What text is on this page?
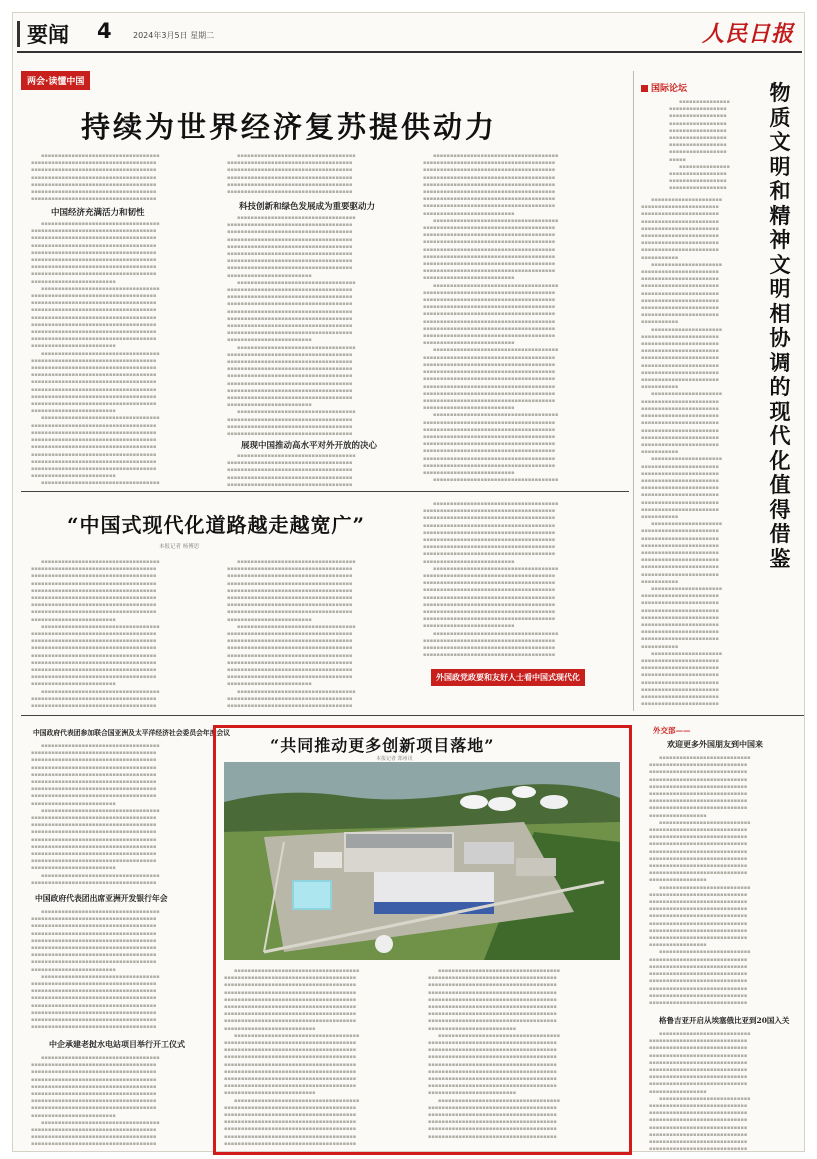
要闻 4	2024年3月5日 星期二	人民日报
两会·读懂中国
持续为世界经济复苏提供动力
　　▪▪▪▪▪▪▪▪▪▪▪▪▪▪▪▪▪▪▪▪▪▪▪▪▪▪▪▪▪▪▪▪▪▪▪
▪▪▪▪▪▪▪▪▪▪▪▪▪▪▪▪▪▪▪▪▪▪▪▪▪▪▪▪▪▪▪▪▪▪▪▪▪
▪▪▪▪▪▪▪▪▪▪▪▪▪▪▪▪▪▪▪▪▪▪▪▪▪▪▪▪▪▪▪▪▪▪▪▪▪
▪▪▪▪▪▪▪▪▪▪▪▪▪▪▪▪▪▪▪▪▪▪▪▪▪▪▪▪▪▪▪▪▪▪▪▪▪
▪▪▪▪▪▪▪▪▪▪▪▪▪▪▪▪▪▪▪▪▪▪▪▪▪▪▪▪▪▪▪▪▪▪▪▪▪
▪▪▪▪▪▪▪▪▪▪▪▪▪▪▪▪▪▪▪▪▪▪▪▪▪▪▪▪▪▪▪▪▪▪▪▪▪
▪▪▪▪▪▪▪▪▪▪▪▪▪▪▪▪▪▪▪▪▪▪▪▪▪▪▪▪▪▪▪▪▪▪▪▪▪

中国经济充满活力和韧性
　　▪▪▪▪▪▪▪▪▪▪▪▪▪▪▪▪▪▪▪▪▪▪▪▪▪▪▪▪▪▪▪▪▪▪▪
▪▪▪▪▪▪▪▪▪▪▪▪▪▪▪▪▪▪▪▪▪▪▪▪▪▪▪▪▪▪▪▪▪▪▪▪▪
▪▪▪▪▪▪▪▪▪▪▪▪▪▪▪▪▪▪▪▪▪▪▪▪▪▪▪▪▪▪▪▪▪▪▪▪▪
▪▪▪▪▪▪▪▪▪▪▪▪▪▪▪▪▪▪▪▪▪▪▪▪▪▪▪▪▪▪▪▪▪▪▪▪▪
▪▪▪▪▪▪▪▪▪▪▪▪▪▪▪▪▪▪▪▪▪▪▪▪▪▪▪▪▪▪▪▪▪▪▪▪▪
▪▪▪▪▪▪▪▪▪▪▪▪▪▪▪▪▪▪▪▪▪▪▪▪▪▪▪▪▪▪▪▪▪▪▪▪▪
▪▪▪▪▪▪▪▪▪▪▪▪▪▪▪▪▪▪▪▪▪▪▪▪▪▪▪▪▪▪▪▪▪▪▪▪▪
▪▪▪▪▪▪▪▪▪▪▪▪▪▪▪▪▪▪▪▪▪▪▪▪▪▪▪▪▪▪▪▪▪▪▪▪▪
▪▪▪▪▪▪▪▪▪▪▪▪▪▪▪▪▪▪▪▪▪▪▪▪▪
　　▪▪▪▪▪▪▪▪▪▪▪▪▪▪▪▪▪▪▪▪▪▪▪▪▪▪▪▪▪▪▪▪▪▪▪
▪▪▪▪▪▪▪▪▪▪▪▪▪▪▪▪▪▪▪▪▪▪▪▪▪▪▪▪▪▪▪▪▪▪▪▪▪
▪▪▪▪▪▪▪▪▪▪▪▪▪▪▪▪▪▪▪▪▪▪▪▪▪▪▪▪▪▪▪▪▪▪▪▪▪
▪▪▪▪▪▪▪▪▪▪▪▪▪▪▪▪▪▪▪▪▪▪▪▪▪▪▪▪▪▪▪▪▪▪▪▪▪
▪▪▪▪▪▪▪▪▪▪▪▪▪▪▪▪▪▪▪▪▪▪▪▪▪▪▪▪▪▪▪▪▪▪▪▪▪
▪▪▪▪▪▪▪▪▪▪▪▪▪▪▪▪▪▪▪▪▪▪▪▪▪▪▪▪▪▪▪▪▪▪▪▪▪
▪▪▪▪▪▪▪▪▪▪▪▪▪▪▪▪▪▪▪▪▪▪▪▪▪▪▪▪▪▪▪▪▪▪▪▪▪
▪▪▪▪▪▪▪▪▪▪▪▪▪▪▪▪▪▪▪▪▪▪▪▪▪▪▪▪▪▪▪▪▪▪▪▪▪
▪▪▪▪▪▪▪▪▪▪▪▪▪▪▪▪▪▪▪▪▪▪▪▪▪
　　▪▪▪▪▪▪▪▪▪▪▪▪▪▪▪▪▪▪▪▪▪▪▪▪▪▪▪▪▪▪▪▪▪▪▪
▪▪▪▪▪▪▪▪▪▪▪▪▪▪▪▪▪▪▪▪▪▪▪▪▪▪▪▪▪▪▪▪▪▪▪▪▪
▪▪▪▪▪▪▪▪▪▪▪▪▪▪▪▪▪▪▪▪▪▪▪▪▪▪▪▪▪▪▪▪▪▪▪▪▪
▪▪▪▪▪▪▪▪▪▪▪▪▪▪▪▪▪▪▪▪▪▪▪▪▪▪▪▪▪▪▪▪▪▪▪▪▪
▪▪▪▪▪▪▪▪▪▪▪▪▪▪▪▪▪▪▪▪▪▪▪▪▪▪▪▪▪▪▪▪▪▪▪▪▪
▪▪▪▪▪▪▪▪▪▪▪▪▪▪▪▪▪▪▪▪▪▪▪▪▪▪▪▪▪▪▪▪▪▪▪▪▪
▪▪▪▪▪▪▪▪▪▪▪▪▪▪▪▪▪▪▪▪▪▪▪▪▪▪▪▪▪▪▪▪▪▪▪▪▪
▪▪▪▪▪▪▪▪▪▪▪▪▪▪▪▪▪▪▪▪▪▪▪▪▪▪▪▪▪▪▪▪▪▪▪▪▪
▪▪▪▪▪▪▪▪▪▪▪▪▪▪▪▪▪▪▪▪▪▪▪▪▪
　　▪▪▪▪▪▪▪▪▪▪▪▪▪▪▪▪▪▪▪▪▪▪▪▪▪▪▪▪▪▪▪▪▪▪▪
▪▪▪▪▪▪▪▪▪▪▪▪▪▪▪▪▪▪▪▪▪▪▪▪▪▪▪▪▪▪▪▪▪▪▪▪▪
▪▪▪▪▪▪▪▪▪▪▪▪▪▪▪▪▪▪▪▪▪▪▪▪▪▪▪▪▪▪▪▪▪▪▪▪▪
▪▪▪▪▪▪▪▪▪▪▪▪▪▪▪▪▪▪▪▪▪▪▪▪▪▪▪▪▪▪▪▪▪▪▪▪▪
▪▪▪▪▪▪▪▪▪▪▪▪▪▪▪▪▪▪▪▪▪▪▪▪▪▪▪▪▪▪▪▪▪▪▪▪▪
▪▪▪▪▪▪▪▪▪▪▪▪▪▪▪▪▪▪▪▪▪▪▪▪▪▪▪▪▪▪▪▪▪▪▪▪▪
▪▪▪▪▪▪▪▪▪▪▪▪▪▪▪▪▪▪▪▪▪▪▪▪▪▪▪▪▪▪▪▪▪▪▪▪▪
▪▪▪▪▪▪▪▪▪▪▪▪▪▪▪▪▪▪▪▪▪▪▪▪▪▪▪▪▪▪▪▪▪▪▪▪▪
▪▪▪▪▪▪▪▪▪▪▪▪▪▪▪▪▪▪▪▪▪▪▪▪▪
　　▪▪▪▪▪▪▪▪▪▪▪▪▪▪▪▪▪▪▪▪▪▪▪▪▪▪▪▪▪▪▪▪▪▪▪

　　▪▪▪▪▪▪▪▪▪▪▪▪▪▪▪▪▪▪▪▪▪▪▪▪▪▪▪▪▪▪▪▪▪▪▪
▪▪▪▪▪▪▪▪▪▪▪▪▪▪▪▪▪▪▪▪▪▪▪▪▪▪▪▪▪▪▪▪▪▪▪▪▪
▪▪▪▪▪▪▪▪▪▪▪▪▪▪▪▪▪▪▪▪▪▪▪▪▪▪▪▪▪▪▪▪▪▪▪▪▪
▪▪▪▪▪▪▪▪▪▪▪▪▪▪▪▪▪▪▪▪▪▪▪▪▪▪▪▪▪▪▪▪▪▪▪▪▪
▪▪▪▪▪▪▪▪▪▪▪▪▪▪▪▪▪▪▪▪▪▪▪▪▪▪▪▪▪▪▪▪▪▪▪▪▪
▪▪▪▪▪▪▪▪▪▪▪▪▪▪▪▪▪▪▪▪▪▪▪▪▪▪▪▪▪▪▪▪▪▪▪▪▪

科技创新和绿色发展成为重要驱动力
　　▪▪▪▪▪▪▪▪▪▪▪▪▪▪▪▪▪▪▪▪▪▪▪▪▪▪▪▪▪▪▪▪▪▪▪
▪▪▪▪▪▪▪▪▪▪▪▪▪▪▪▪▪▪▪▪▪▪▪▪▪▪▪▪▪▪▪▪▪▪▪▪▪
▪▪▪▪▪▪▪▪▪▪▪▪▪▪▪▪▪▪▪▪▪▪▪▪▪▪▪▪▪▪▪▪▪▪▪▪▪
▪▪▪▪▪▪▪▪▪▪▪▪▪▪▪▪▪▪▪▪▪▪▪▪▪▪▪▪▪▪▪▪▪▪▪▪▪
▪▪▪▪▪▪▪▪▪▪▪▪▪▪▪▪▪▪▪▪▪▪▪▪▪▪▪▪▪▪▪▪▪▪▪▪▪
▪▪▪▪▪▪▪▪▪▪▪▪▪▪▪▪▪▪▪▪▪▪▪▪▪▪▪▪▪▪▪▪▪▪▪▪▪
▪▪▪▪▪▪▪▪▪▪▪▪▪▪▪▪▪▪▪▪▪▪▪▪▪▪▪▪▪▪▪▪▪▪▪▪▪
▪▪▪▪▪▪▪▪▪▪▪▪▪▪▪▪▪▪▪▪▪▪▪▪▪▪▪▪▪▪▪▪▪▪▪▪▪
▪▪▪▪▪▪▪▪▪▪▪▪▪▪▪▪▪▪▪▪▪▪▪▪▪
　　▪▪▪▪▪▪▪▪▪▪▪▪▪▪▪▪▪▪▪▪▪▪▪▪▪▪▪▪▪▪▪▪▪▪▪
▪▪▪▪▪▪▪▪▪▪▪▪▪▪▪▪▪▪▪▪▪▪▪▪▪▪▪▪▪▪▪▪▪▪▪▪▪
▪▪▪▪▪▪▪▪▪▪▪▪▪▪▪▪▪▪▪▪▪▪▪▪▪▪▪▪▪▪▪▪▪▪▪▪▪
▪▪▪▪▪▪▪▪▪▪▪▪▪▪▪▪▪▪▪▪▪▪▪▪▪▪▪▪▪▪▪▪▪▪▪▪▪
▪▪▪▪▪▪▪▪▪▪▪▪▪▪▪▪▪▪▪▪▪▪▪▪▪▪▪▪▪▪▪▪▪▪▪▪▪
▪▪▪▪▪▪▪▪▪▪▪▪▪▪▪▪▪▪▪▪▪▪▪▪▪▪▪▪▪▪▪▪▪▪▪▪▪
▪▪▪▪▪▪▪▪▪▪▪▪▪▪▪▪▪▪▪▪▪▪▪▪▪▪▪▪▪▪▪▪▪▪▪▪▪
▪▪▪▪▪▪▪▪▪▪▪▪▪▪▪▪▪▪▪▪▪▪▪▪▪▪▪▪▪▪▪▪▪▪▪▪▪
▪▪▪▪▪▪▪▪▪▪▪▪▪▪▪▪▪▪▪▪▪▪▪▪▪
　　▪▪▪▪▪▪▪▪▪▪▪▪▪▪▪▪▪▪▪▪▪▪▪▪▪▪▪▪▪▪▪▪▪▪▪
▪▪▪▪▪▪▪▪▪▪▪▪▪▪▪▪▪▪▪▪▪▪▪▪▪▪▪▪▪▪▪▪▪▪▪▪▪
▪▪▪▪▪▪▪▪▪▪▪▪▪▪▪▪▪▪▪▪▪▪▪▪▪▪▪▪▪▪▪▪▪▪▪▪▪
▪▪▪▪▪▪▪▪▪▪▪▪▪▪▪▪▪▪▪▪▪▪▪▪▪▪▪▪▪▪▪▪▪▪▪▪▪
▪▪▪▪▪▪▪▪▪▪▪▪▪▪▪▪▪▪▪▪▪▪▪▪▪▪▪▪▪▪▪▪▪▪▪▪▪
▪▪▪▪▪▪▪▪▪▪▪▪▪▪▪▪▪▪▪▪▪▪▪▪▪▪▪▪▪▪▪▪▪▪▪▪▪
▪▪▪▪▪▪▪▪▪▪▪▪▪▪▪▪▪▪▪▪▪▪▪▪▪▪▪▪▪▪▪▪▪▪▪▪▪
▪▪▪▪▪▪▪▪▪▪▪▪▪▪▪▪▪▪▪▪▪▪▪▪▪▪▪▪▪▪▪▪▪▪▪▪▪
▪▪▪▪▪▪▪▪▪▪▪▪▪▪▪▪▪▪▪▪▪▪▪▪▪
　　▪▪▪▪▪▪▪▪▪▪▪▪▪▪▪▪▪▪▪▪▪▪▪▪▪▪▪▪▪▪▪▪▪▪▪
▪▪▪▪▪▪▪▪▪▪▪▪▪▪▪▪▪▪▪▪▪▪▪▪▪▪▪▪▪▪▪▪▪▪▪▪▪
▪▪▪▪▪▪▪▪▪▪▪▪▪▪▪▪▪▪▪▪▪▪▪▪▪▪▪▪▪▪▪▪▪▪▪▪▪
▪▪▪▪▪▪▪▪▪▪▪▪▪▪▪▪▪▪▪▪▪▪▪▪▪▪▪▪▪▪▪▪▪▪▪▪▪

展现中国推动高水平对外开放的决心
　　▪▪▪▪▪▪▪▪▪▪▪▪▪▪▪▪▪▪▪▪▪▪▪▪▪▪▪▪▪▪▪▪▪▪▪
▪▪▪▪▪▪▪▪▪▪▪▪▪▪▪▪▪▪▪▪▪▪▪▪▪▪▪▪▪▪▪▪▪▪▪▪▪
▪▪▪▪▪▪▪▪▪▪▪▪▪▪▪▪▪▪▪▪▪▪▪▪▪▪▪▪▪▪▪▪▪▪▪▪▪
▪▪▪▪▪▪▪▪▪▪▪▪▪▪▪▪▪▪▪▪▪▪▪▪▪▪▪▪▪▪▪▪▪▪▪▪▪
▪▪▪▪▪▪▪▪▪▪▪▪▪▪▪▪▪▪▪▪▪▪▪▪▪▪▪▪▪▪▪▪▪▪▪▪▪

　　▪▪▪▪▪▪▪▪▪▪▪▪▪▪▪▪▪▪▪▪▪▪▪▪▪▪▪▪▪▪▪▪▪▪▪▪▪
▪▪▪▪▪▪▪▪▪▪▪▪▪▪▪▪▪▪▪▪▪▪▪▪▪▪▪▪▪▪▪▪▪▪▪▪▪▪▪
▪▪▪▪▪▪▪▪▪▪▪▪▪▪▪▪▪▪▪▪▪▪▪▪▪▪▪▪▪▪▪▪▪▪▪▪▪▪▪
▪▪▪▪▪▪▪▪▪▪▪▪▪▪▪▪▪▪▪▪▪▪▪▪▪▪▪▪▪▪▪▪▪▪▪▪▪▪▪
▪▪▪▪▪▪▪▪▪▪▪▪▪▪▪▪▪▪▪▪▪▪▪▪▪▪▪▪▪▪▪▪▪▪▪▪▪▪▪
▪▪▪▪▪▪▪▪▪▪▪▪▪▪▪▪▪▪▪▪▪▪▪▪▪▪▪▪▪▪▪▪▪▪▪▪▪▪▪
▪▪▪▪▪▪▪▪▪▪▪▪▪▪▪▪▪▪▪▪▪▪▪▪▪▪▪▪▪▪▪▪▪▪▪▪▪▪▪
▪▪▪▪▪▪▪▪▪▪▪▪▪▪▪▪▪▪▪▪▪▪▪▪▪▪▪▪▪▪▪▪▪▪▪▪▪▪▪
▪▪▪▪▪▪▪▪▪▪▪▪▪▪▪▪▪▪▪▪▪▪▪▪▪▪▪
　　▪▪▪▪▪▪▪▪▪▪▪▪▪▪▪▪▪▪▪▪▪▪▪▪▪▪▪▪▪▪▪▪▪▪▪▪▪
▪▪▪▪▪▪▪▪▪▪▪▪▪▪▪▪▪▪▪▪▪▪▪▪▪▪▪▪▪▪▪▪▪▪▪▪▪▪▪
▪▪▪▪▪▪▪▪▪▪▪▪▪▪▪▪▪▪▪▪▪▪▪▪▪▪▪▪▪▪▪▪▪▪▪▪▪▪▪
▪▪▪▪▪▪▪▪▪▪▪▪▪▪▪▪▪▪▪▪▪▪▪▪▪▪▪▪▪▪▪▪▪▪▪▪▪▪▪
▪▪▪▪▪▪▪▪▪▪▪▪▪▪▪▪▪▪▪▪▪▪▪▪▪▪▪▪▪▪▪▪▪▪▪▪▪▪▪
▪▪▪▪▪▪▪▪▪▪▪▪▪▪▪▪▪▪▪▪▪▪▪▪▪▪▪▪▪▪▪▪▪▪▪▪▪▪▪
▪▪▪▪▪▪▪▪▪▪▪▪▪▪▪▪▪▪▪▪▪▪▪▪▪▪▪▪▪▪▪▪▪▪▪▪▪▪▪
▪▪▪▪▪▪▪▪▪▪▪▪▪▪▪▪▪▪▪▪▪▪▪▪▪▪▪▪▪▪▪▪▪▪▪▪▪▪▪
▪▪▪▪▪▪▪▪▪▪▪▪▪▪▪▪▪▪▪▪▪▪▪▪▪▪▪
　　▪▪▪▪▪▪▪▪▪▪▪▪▪▪▪▪▪▪▪▪▪▪▪▪▪▪▪▪▪▪▪▪▪▪▪▪▪
▪▪▪▪▪▪▪▪▪▪▪▪▪▪▪▪▪▪▪▪▪▪▪▪▪▪▪▪▪▪▪▪▪▪▪▪▪▪▪
▪▪▪▪▪▪▪▪▪▪▪▪▪▪▪▪▪▪▪▪▪▪▪▪▪▪▪▪▪▪▪▪▪▪▪▪▪▪▪
▪▪▪▪▪▪▪▪▪▪▪▪▪▪▪▪▪▪▪▪▪▪▪▪▪▪▪▪▪▪▪▪▪▪▪▪▪▪▪
▪▪▪▪▪▪▪▪▪▪▪▪▪▪▪▪▪▪▪▪▪▪▪▪▪▪▪▪▪▪▪▪▪▪▪▪▪▪▪
▪▪▪▪▪▪▪▪▪▪▪▪▪▪▪▪▪▪▪▪▪▪▪▪▪▪▪▪▪▪▪▪▪▪▪▪▪▪▪
▪▪▪▪▪▪▪▪▪▪▪▪▪▪▪▪▪▪▪▪▪▪▪▪▪▪▪▪▪▪▪▪▪▪▪▪▪▪▪
▪▪▪▪▪▪▪▪▪▪▪▪▪▪▪▪▪▪▪▪▪▪▪▪▪▪▪▪▪▪▪▪▪▪▪▪▪▪▪
▪▪▪▪▪▪▪▪▪▪▪▪▪▪▪▪▪▪▪▪▪▪▪▪▪▪▪
　　▪▪▪▪▪▪▪▪▪▪▪▪▪▪▪▪▪▪▪▪▪▪▪▪▪▪▪▪▪▪▪▪▪▪▪▪▪
▪▪▪▪▪▪▪▪▪▪▪▪▪▪▪▪▪▪▪▪▪▪▪▪▪▪▪▪▪▪▪▪▪▪▪▪▪▪▪
▪▪▪▪▪▪▪▪▪▪▪▪▪▪▪▪▪▪▪▪▪▪▪▪▪▪▪▪▪▪▪▪▪▪▪▪▪▪▪
▪▪▪▪▪▪▪▪▪▪▪▪▪▪▪▪▪▪▪▪▪▪▪▪▪▪▪▪▪▪▪▪▪▪▪▪▪▪▪
▪▪▪▪▪▪▪▪▪▪▪▪▪▪▪▪▪▪▪▪▪▪▪▪▪▪▪▪▪▪▪▪▪▪▪▪▪▪▪
▪▪▪▪▪▪▪▪▪▪▪▪▪▪▪▪▪▪▪▪▪▪▪▪▪▪▪▪▪▪▪▪▪▪▪▪▪▪▪
▪▪▪▪▪▪▪▪▪▪▪▪▪▪▪▪▪▪▪▪▪▪▪▪▪▪▪▪▪▪▪▪▪▪▪▪▪▪▪
▪▪▪▪▪▪▪▪▪▪▪▪▪▪▪▪▪▪▪▪▪▪▪▪▪▪▪▪▪▪▪▪▪▪▪▪▪▪▪
▪▪▪▪▪▪▪▪▪▪▪▪▪▪▪▪▪▪▪▪▪▪▪▪▪▪▪
　　▪▪▪▪▪▪▪▪▪▪▪▪▪▪▪▪▪▪▪▪▪▪▪▪▪▪▪▪▪▪▪▪▪▪▪▪▪
▪▪▪▪▪▪▪▪▪▪▪▪▪▪▪▪▪▪▪▪▪▪▪▪▪▪▪▪▪▪▪▪▪▪▪▪▪▪▪
▪▪▪▪▪▪▪▪▪▪▪▪▪▪▪▪▪▪▪▪▪▪▪▪▪▪▪▪▪▪▪▪▪▪▪▪▪▪▪
▪▪▪▪▪▪▪▪▪▪▪▪▪▪▪▪▪▪▪▪▪▪▪▪▪▪▪▪▪▪▪▪▪▪▪▪▪▪▪
▪▪▪▪▪▪▪▪▪▪▪▪▪▪▪▪▪▪▪▪▪▪▪▪▪▪▪▪▪▪▪▪▪▪▪▪▪▪▪
▪▪▪▪▪▪▪▪▪▪▪▪▪▪▪▪▪▪▪▪▪▪▪▪▪▪▪▪▪▪▪▪▪▪▪▪▪▪▪
▪▪▪▪▪▪▪▪▪▪▪▪▪▪▪▪▪▪▪▪▪▪▪▪▪▪▪▪▪▪▪▪▪▪▪▪▪▪▪
▪▪▪▪▪▪▪▪▪▪▪▪▪▪▪▪▪▪▪▪▪▪▪▪▪▪▪▪▪▪▪▪▪▪▪▪▪▪▪
▪▪▪▪▪▪▪▪▪▪▪▪▪▪▪▪▪▪▪▪▪▪▪▪▪▪▪
　　▪▪▪▪▪▪▪▪▪▪▪▪▪▪▪▪▪▪▪▪▪▪▪▪▪▪▪▪▪▪▪▪▪▪▪▪▪

国际论坛
　　▪▪▪▪▪▪▪▪▪▪▪▪▪▪▪
▪▪▪▪▪▪▪▪▪▪▪▪▪▪▪▪▪
▪▪▪▪▪▪▪▪▪▪▪▪▪▪▪▪▪
▪▪▪▪▪▪▪▪▪▪▪▪▪▪▪▪▪
▪▪▪▪▪▪▪▪▪▪▪▪▪▪▪▪▪
▪▪▪▪▪▪▪▪▪▪▪▪▪▪▪▪▪
▪▪▪▪▪▪▪▪▪▪▪▪▪▪▪▪▪
▪▪▪▪▪▪▪▪▪▪▪▪▪▪▪▪▪
▪▪▪▪▪
　　▪▪▪▪▪▪▪▪▪▪▪▪▪▪▪
▪▪▪▪▪▪▪▪▪▪▪▪▪▪▪▪▪
▪▪▪▪▪▪▪▪▪▪▪▪▪▪▪▪▪
▪▪▪▪▪▪▪▪▪▪▪▪▪▪▪▪▪

物质文明和精神文明相协调的现代化值得借鉴
　　▪▪▪▪▪▪▪▪▪▪▪▪▪▪▪▪▪▪▪▪▪
▪▪▪▪▪▪▪▪▪▪▪▪▪▪▪▪▪▪▪▪▪▪▪
▪▪▪▪▪▪▪▪▪▪▪▪▪▪▪▪▪▪▪▪▪▪▪
▪▪▪▪▪▪▪▪▪▪▪▪▪▪▪▪▪▪▪▪▪▪▪
▪▪▪▪▪▪▪▪▪▪▪▪▪▪▪▪▪▪▪▪▪▪▪
▪▪▪▪▪▪▪▪▪▪▪▪▪▪▪▪▪▪▪▪▪▪▪
▪▪▪▪▪▪▪▪▪▪▪▪▪▪▪▪▪▪▪▪▪▪▪
▪▪▪▪▪▪▪▪▪▪▪▪▪▪▪▪▪▪▪▪▪▪▪
▪▪▪▪▪▪▪▪▪▪▪
　　▪▪▪▪▪▪▪▪▪▪▪▪▪▪▪▪▪▪▪▪▪
▪▪▪▪▪▪▪▪▪▪▪▪▪▪▪▪▪▪▪▪▪▪▪
▪▪▪▪▪▪▪▪▪▪▪▪▪▪▪▪▪▪▪▪▪▪▪
▪▪▪▪▪▪▪▪▪▪▪▪▪▪▪▪▪▪▪▪▪▪▪
▪▪▪▪▪▪▪▪▪▪▪▪▪▪▪▪▪▪▪▪▪▪▪
▪▪▪▪▪▪▪▪▪▪▪▪▪▪▪▪▪▪▪▪▪▪▪
▪▪▪▪▪▪▪▪▪▪▪▪▪▪▪▪▪▪▪▪▪▪▪
▪▪▪▪▪▪▪▪▪▪▪▪▪▪▪▪▪▪▪▪▪▪▪
▪▪▪▪▪▪▪▪▪▪▪
　　▪▪▪▪▪▪▪▪▪▪▪▪▪▪▪▪▪▪▪▪▪
▪▪▪▪▪▪▪▪▪▪▪▪▪▪▪▪▪▪▪▪▪▪▪
▪▪▪▪▪▪▪▪▪▪▪▪▪▪▪▪▪▪▪▪▪▪▪
▪▪▪▪▪▪▪▪▪▪▪▪▪▪▪▪▪▪▪▪▪▪▪
▪▪▪▪▪▪▪▪▪▪▪▪▪▪▪▪▪▪▪▪▪▪▪
▪▪▪▪▪▪▪▪▪▪▪▪▪▪▪▪▪▪▪▪▪▪▪
▪▪▪▪▪▪▪▪▪▪▪▪▪▪▪▪▪▪▪▪▪▪▪
▪▪▪▪▪▪▪▪▪▪▪▪▪▪▪▪▪▪▪▪▪▪▪
▪▪▪▪▪▪▪▪▪▪▪
　　▪▪▪▪▪▪▪▪▪▪▪▪▪▪▪▪▪▪▪▪▪
▪▪▪▪▪▪▪▪▪▪▪▪▪▪▪▪▪▪▪▪▪▪▪
▪▪▪▪▪▪▪▪▪▪▪▪▪▪▪▪▪▪▪▪▪▪▪
▪▪▪▪▪▪▪▪▪▪▪▪▪▪▪▪▪▪▪▪▪▪▪
▪▪▪▪▪▪▪▪▪▪▪▪▪▪▪▪▪▪▪▪▪▪▪
▪▪▪▪▪▪▪▪▪▪▪▪▪▪▪▪▪▪▪▪▪▪▪
▪▪▪▪▪▪▪▪▪▪▪▪▪▪▪▪▪▪▪▪▪▪▪
▪▪▪▪▪▪▪▪▪▪▪▪▪▪▪▪▪▪▪▪▪▪▪
▪▪▪▪▪▪▪▪▪▪▪
　　▪▪▪▪▪▪▪▪▪▪▪▪▪▪▪▪▪▪▪▪▪
▪▪▪▪▪▪▪▪▪▪▪▪▪▪▪▪▪▪▪▪▪▪▪
▪▪▪▪▪▪▪▪▪▪▪▪▪▪▪▪▪▪▪▪▪▪▪
▪▪▪▪▪▪▪▪▪▪▪▪▪▪▪▪▪▪▪▪▪▪▪
▪▪▪▪▪▪▪▪▪▪▪▪▪▪▪▪▪▪▪▪▪▪▪
▪▪▪▪▪▪▪▪▪▪▪▪▪▪▪▪▪▪▪▪▪▪▪
▪▪▪▪▪▪▪▪▪▪▪▪▪▪▪▪▪▪▪▪▪▪▪
▪▪▪▪▪▪▪▪▪▪▪▪▪▪▪▪▪▪▪▪▪▪▪
▪▪▪▪▪▪▪▪▪▪▪
　　▪▪▪▪▪▪▪▪▪▪▪▪▪▪▪▪▪▪▪▪▪
▪▪▪▪▪▪▪▪▪▪▪▪▪▪▪▪▪▪▪▪▪▪▪
▪▪▪▪▪▪▪▪▪▪▪▪▪▪▪▪▪▪▪▪▪▪▪
▪▪▪▪▪▪▪▪▪▪▪▪▪▪▪▪▪▪▪▪▪▪▪
▪▪▪▪▪▪▪▪▪▪▪▪▪▪▪▪▪▪▪▪▪▪▪
▪▪▪▪▪▪▪▪▪▪▪▪▪▪▪▪▪▪▪▪▪▪▪
▪▪▪▪▪▪▪▪▪▪▪▪▪▪▪▪▪▪▪▪▪▪▪
▪▪▪▪▪▪▪▪▪▪▪▪▪▪▪▪▪▪▪▪▪▪▪
▪▪▪▪▪▪▪▪▪▪▪
　　▪▪▪▪▪▪▪▪▪▪▪▪▪▪▪▪▪▪▪▪▪
▪▪▪▪▪▪▪▪▪▪▪▪▪▪▪▪▪▪▪▪▪▪▪
▪▪▪▪▪▪▪▪▪▪▪▪▪▪▪▪▪▪▪▪▪▪▪
▪▪▪▪▪▪▪▪▪▪▪▪▪▪▪▪▪▪▪▪▪▪▪
▪▪▪▪▪▪▪▪▪▪▪▪▪▪▪▪▪▪▪▪▪▪▪
▪▪▪▪▪▪▪▪▪▪▪▪▪▪▪▪▪▪▪▪▪▪▪
▪▪▪▪▪▪▪▪▪▪▪▪▪▪▪▪▪▪▪▪▪▪▪
▪▪▪▪▪▪▪▪▪▪▪▪▪▪▪▪▪▪▪▪▪▪▪
▪▪▪▪▪▪▪▪▪▪▪
　　▪▪▪▪▪▪▪▪▪▪▪▪▪▪▪▪▪▪▪▪▪
▪▪▪▪▪▪▪▪▪▪▪▪▪▪▪▪▪▪▪▪▪▪▪
▪▪▪▪▪▪▪▪▪▪▪▪▪▪▪▪▪▪▪▪▪▪▪
▪▪▪▪▪▪▪▪▪▪▪▪▪▪▪▪▪▪▪▪▪▪▪
▪▪▪▪▪▪▪▪▪▪▪▪▪▪▪▪▪▪▪▪▪▪▪
▪▪▪▪▪▪▪▪▪▪▪▪▪▪▪▪▪▪▪▪▪▪▪
▪▪▪▪▪▪▪▪▪▪▪▪▪▪▪▪▪▪▪▪▪▪▪
▪▪▪▪▪▪▪▪▪▪▪▪▪▪▪▪▪▪▪▪▪▪▪

“中国式现代化道路越走越宽广”
本报记者 杨傅思
　　▪▪▪▪▪▪▪▪▪▪▪▪▪▪▪▪▪▪▪▪▪▪▪▪▪▪▪▪▪▪▪▪▪▪▪
▪▪▪▪▪▪▪▪▪▪▪▪▪▪▪▪▪▪▪▪▪▪▪▪▪▪▪▪▪▪▪▪▪▪▪▪▪
▪▪▪▪▪▪▪▪▪▪▪▪▪▪▪▪▪▪▪▪▪▪▪▪▪▪▪▪▪▪▪▪▪▪▪▪▪
▪▪▪▪▪▪▪▪▪▪▪▪▪▪▪▪▪▪▪▪▪▪▪▪▪▪▪▪▪▪▪▪▪▪▪▪▪
▪▪▪▪▪▪▪▪▪▪▪▪▪▪▪▪▪▪▪▪▪▪▪▪▪▪▪▪▪▪▪▪▪▪▪▪▪
▪▪▪▪▪▪▪▪▪▪▪▪▪▪▪▪▪▪▪▪▪▪▪▪▪▪▪▪▪▪▪▪▪▪▪▪▪
▪▪▪▪▪▪▪▪▪▪▪▪▪▪▪▪▪▪▪▪▪▪▪▪▪▪▪▪▪▪▪▪▪▪▪▪▪
▪▪▪▪▪▪▪▪▪▪▪▪▪▪▪▪▪▪▪▪▪▪▪▪▪▪▪▪▪▪▪▪▪▪▪▪▪
▪▪▪▪▪▪▪▪▪▪▪▪▪▪▪▪▪▪▪▪▪▪▪▪▪
　　▪▪▪▪▪▪▪▪▪▪▪▪▪▪▪▪▪▪▪▪▪▪▪▪▪▪▪▪▪▪▪▪▪▪▪
▪▪▪▪▪▪▪▪▪▪▪▪▪▪▪▪▪▪▪▪▪▪▪▪▪▪▪▪▪▪▪▪▪▪▪▪▪
▪▪▪▪▪▪▪▪▪▪▪▪▪▪▪▪▪▪▪▪▪▪▪▪▪▪▪▪▪▪▪▪▪▪▪▪▪
▪▪▪▪▪▪▪▪▪▪▪▪▪▪▪▪▪▪▪▪▪▪▪▪▪▪▪▪▪▪▪▪▪▪▪▪▪
▪▪▪▪▪▪▪▪▪▪▪▪▪▪▪▪▪▪▪▪▪▪▪▪▪▪▪▪▪▪▪▪▪▪▪▪▪
▪▪▪▪▪▪▪▪▪▪▪▪▪▪▪▪▪▪▪▪▪▪▪▪▪▪▪▪▪▪▪▪▪▪▪▪▪
▪▪▪▪▪▪▪▪▪▪▪▪▪▪▪▪▪▪▪▪▪▪▪▪▪▪▪▪▪▪▪▪▪▪▪▪▪
▪▪▪▪▪▪▪▪▪▪▪▪▪▪▪▪▪▪▪▪▪▪▪▪▪▪▪▪▪▪▪▪▪▪▪▪▪
▪▪▪▪▪▪▪▪▪▪▪▪▪▪▪▪▪▪▪▪▪▪▪▪▪
　　▪▪▪▪▪▪▪▪▪▪▪▪▪▪▪▪▪▪▪▪▪▪▪▪▪▪▪▪▪▪▪▪▪▪▪
▪▪▪▪▪▪▪▪▪▪▪▪▪▪▪▪▪▪▪▪▪▪▪▪▪▪▪▪▪▪▪▪▪▪▪▪▪
▪▪▪▪▪▪▪▪▪▪▪▪▪▪▪▪▪▪▪▪▪▪▪▪▪▪▪▪▪▪▪▪▪▪▪▪▪

　　▪▪▪▪▪▪▪▪▪▪▪▪▪▪▪▪▪▪▪▪▪▪▪▪▪▪▪▪▪▪▪▪▪▪▪
▪▪▪▪▪▪▪▪▪▪▪▪▪▪▪▪▪▪▪▪▪▪▪▪▪▪▪▪▪▪▪▪▪▪▪▪▪
▪▪▪▪▪▪▪▪▪▪▪▪▪▪▪▪▪▪▪▪▪▪▪▪▪▪▪▪▪▪▪▪▪▪▪▪▪
▪▪▪▪▪▪▪▪▪▪▪▪▪▪▪▪▪▪▪▪▪▪▪▪▪▪▪▪▪▪▪▪▪▪▪▪▪
▪▪▪▪▪▪▪▪▪▪▪▪▪▪▪▪▪▪▪▪▪▪▪▪▪▪▪▪▪▪▪▪▪▪▪▪▪
▪▪▪▪▪▪▪▪▪▪▪▪▪▪▪▪▪▪▪▪▪▪▪▪▪▪▪▪▪▪▪▪▪▪▪▪▪
▪▪▪▪▪▪▪▪▪▪▪▪▪▪▪▪▪▪▪▪▪▪▪▪▪▪▪▪▪▪▪▪▪▪▪▪▪
▪▪▪▪▪▪▪▪▪▪▪▪▪▪▪▪▪▪▪▪▪▪▪▪▪▪▪▪▪▪▪▪▪▪▪▪▪
▪▪▪▪▪▪▪▪▪▪▪▪▪▪▪▪▪▪▪▪▪▪▪▪▪
　　▪▪▪▪▪▪▪▪▪▪▪▪▪▪▪▪▪▪▪▪▪▪▪▪▪▪▪▪▪▪▪▪▪▪▪
▪▪▪▪▪▪▪▪▪▪▪▪▪▪▪▪▪▪▪▪▪▪▪▪▪▪▪▪▪▪▪▪▪▪▪▪▪
▪▪▪▪▪▪▪▪▪▪▪▪▪▪▪▪▪▪▪▪▪▪▪▪▪▪▪▪▪▪▪▪▪▪▪▪▪
▪▪▪▪▪▪▪▪▪▪▪▪▪▪▪▪▪▪▪▪▪▪▪▪▪▪▪▪▪▪▪▪▪▪▪▪▪
▪▪▪▪▪▪▪▪▪▪▪▪▪▪▪▪▪▪▪▪▪▪▪▪▪▪▪▪▪▪▪▪▪▪▪▪▪
▪▪▪▪▪▪▪▪▪▪▪▪▪▪▪▪▪▪▪▪▪▪▪▪▪▪▪▪▪▪▪▪▪▪▪▪▪
▪▪▪▪▪▪▪▪▪▪▪▪▪▪▪▪▪▪▪▪▪▪▪▪▪▪▪▪▪▪▪▪▪▪▪▪▪
▪▪▪▪▪▪▪▪▪▪▪▪▪▪▪▪▪▪▪▪▪▪▪▪▪▪▪▪▪▪▪▪▪▪▪▪▪
▪▪▪▪▪▪▪▪▪▪▪▪▪▪▪▪▪▪▪▪▪▪▪▪▪
　　▪▪▪▪▪▪▪▪▪▪▪▪▪▪▪▪▪▪▪▪▪▪▪▪▪▪▪▪▪▪▪▪▪▪▪
▪▪▪▪▪▪▪▪▪▪▪▪▪▪▪▪▪▪▪▪▪▪▪▪▪▪▪▪▪▪▪▪▪▪▪▪▪
▪▪▪▪▪▪▪▪▪▪▪▪▪▪▪▪▪▪▪▪▪▪▪▪▪▪▪▪▪▪▪▪▪▪▪▪▪

　　▪▪▪▪▪▪▪▪▪▪▪▪▪▪▪▪▪▪▪▪▪▪▪▪▪▪▪▪▪▪▪▪▪▪▪▪▪
▪▪▪▪▪▪▪▪▪▪▪▪▪▪▪▪▪▪▪▪▪▪▪▪▪▪▪▪▪▪▪▪▪▪▪▪▪▪▪
▪▪▪▪▪▪▪▪▪▪▪▪▪▪▪▪▪▪▪▪▪▪▪▪▪▪▪▪▪▪▪▪▪▪▪▪▪▪▪
▪▪▪▪▪▪▪▪▪▪▪▪▪▪▪▪▪▪▪▪▪▪▪▪▪▪▪▪▪▪▪▪▪▪▪▪▪▪▪
▪▪▪▪▪▪▪▪▪▪▪▪▪▪▪▪▪▪▪▪▪▪▪▪▪▪▪▪▪▪▪▪▪▪▪▪▪▪▪
▪▪▪▪▪▪▪▪▪▪▪▪▪▪▪▪▪▪▪▪▪▪▪▪▪▪▪▪▪▪▪▪▪▪▪▪▪▪▪
▪▪▪▪▪▪▪▪▪▪▪▪▪▪▪▪▪▪▪▪▪▪▪▪▪▪▪▪▪▪▪▪▪▪▪▪▪▪▪
▪▪▪▪▪▪▪▪▪▪▪▪▪▪▪▪▪▪▪▪▪▪▪▪▪▪▪▪▪▪▪▪▪▪▪▪▪▪▪
▪▪▪▪▪▪▪▪▪▪▪▪▪▪▪▪▪▪▪▪▪▪▪▪▪▪▪
　　▪▪▪▪▪▪▪▪▪▪▪▪▪▪▪▪▪▪▪▪▪▪▪▪▪▪▪▪▪▪▪▪▪▪▪▪▪
▪▪▪▪▪▪▪▪▪▪▪▪▪▪▪▪▪▪▪▪▪▪▪▪▪▪▪▪▪▪▪▪▪▪▪▪▪▪▪
▪▪▪▪▪▪▪▪▪▪▪▪▪▪▪▪▪▪▪▪▪▪▪▪▪▪▪▪▪▪▪▪▪▪▪▪▪▪▪
▪▪▪▪▪▪▪▪▪▪▪▪▪▪▪▪▪▪▪▪▪▪▪▪▪▪▪▪▪▪▪▪▪▪▪▪▪▪▪
▪▪▪▪▪▪▪▪▪▪▪▪▪▪▪▪▪▪▪▪▪▪▪▪▪▪▪▪▪▪▪▪▪▪▪▪▪▪▪
▪▪▪▪▪▪▪▪▪▪▪▪▪▪▪▪▪▪▪▪▪▪▪▪▪▪▪▪▪▪▪▪▪▪▪▪▪▪▪
▪▪▪▪▪▪▪▪▪▪▪▪▪▪▪▪▪▪▪▪▪▪▪▪▪▪▪▪▪▪▪▪▪▪▪▪▪▪▪
▪▪▪▪▪▪▪▪▪▪▪▪▪▪▪▪▪▪▪▪▪▪▪▪▪▪▪▪▪▪▪▪▪▪▪▪▪▪▪
▪▪▪▪▪▪▪▪▪▪▪▪▪▪▪▪▪▪▪▪▪▪▪▪▪▪▪
　　▪▪▪▪▪▪▪▪▪▪▪▪▪▪▪▪▪▪▪▪▪▪▪▪▪▪▪▪▪▪▪▪▪▪▪▪▪
▪▪▪▪▪▪▪▪▪▪▪▪▪▪▪▪▪▪▪▪▪▪▪▪▪▪▪▪▪▪▪▪▪▪▪▪▪▪▪
▪▪▪▪▪▪▪▪▪▪▪▪▪▪▪▪▪▪▪▪▪▪▪▪▪▪▪▪▪▪▪▪▪▪▪▪▪▪▪
▪▪▪▪▪▪▪▪▪▪▪▪▪▪▪▪▪▪▪▪▪▪▪▪▪▪▪▪▪▪▪▪▪▪▪▪▪▪▪

外国政党政要和友好人士看中国式现代化
中国政府代表团参加联合国亚洲及太平洋经济社会委员会年度会议
　　▪▪▪▪▪▪▪▪▪▪▪▪▪▪▪▪▪▪▪▪▪▪▪▪▪▪▪▪▪▪▪▪▪▪▪
▪▪▪▪▪▪▪▪▪▪▪▪▪▪▪▪▪▪▪▪▪▪▪▪▪▪▪▪▪▪▪▪▪▪▪▪▪
▪▪▪▪▪▪▪▪▪▪▪▪▪▪▪▪▪▪▪▪▪▪▪▪▪▪▪▪▪▪▪▪▪▪▪▪▪
▪▪▪▪▪▪▪▪▪▪▪▪▪▪▪▪▪▪▪▪▪▪▪▪▪▪▪▪▪▪▪▪▪▪▪▪▪
▪▪▪▪▪▪▪▪▪▪▪▪▪▪▪▪▪▪▪▪▪▪▪▪▪▪▪▪▪▪▪▪▪▪▪▪▪
▪▪▪▪▪▪▪▪▪▪▪▪▪▪▪▪▪▪▪▪▪▪▪▪▪▪▪▪▪▪▪▪▪▪▪▪▪
▪▪▪▪▪▪▪▪▪▪▪▪▪▪▪▪▪▪▪▪▪▪▪▪▪▪▪▪▪▪▪▪▪▪▪▪▪
▪▪▪▪▪▪▪▪▪▪▪▪▪▪▪▪▪▪▪▪▪▪▪▪▪▪▪▪▪▪▪▪▪▪▪▪▪
▪▪▪▪▪▪▪▪▪▪▪▪▪▪▪▪▪▪▪▪▪▪▪▪▪
　　▪▪▪▪▪▪▪▪▪▪▪▪▪▪▪▪▪▪▪▪▪▪▪▪▪▪▪▪▪▪▪▪▪▪▪
▪▪▪▪▪▪▪▪▪▪▪▪▪▪▪▪▪▪▪▪▪▪▪▪▪▪▪▪▪▪▪▪▪▪▪▪▪
▪▪▪▪▪▪▪▪▪▪▪▪▪▪▪▪▪▪▪▪▪▪▪▪▪▪▪▪▪▪▪▪▪▪▪▪▪
▪▪▪▪▪▪▪▪▪▪▪▪▪▪▪▪▪▪▪▪▪▪▪▪▪▪▪▪▪▪▪▪▪▪▪▪▪
▪▪▪▪▪▪▪▪▪▪▪▪▪▪▪▪▪▪▪▪▪▪▪▪▪▪▪▪▪▪▪▪▪▪▪▪▪
▪▪▪▪▪▪▪▪▪▪▪▪▪▪▪▪▪▪▪▪▪▪▪▪▪▪▪▪▪▪▪▪▪▪▪▪▪
▪▪▪▪▪▪▪▪▪▪▪▪▪▪▪▪▪▪▪▪▪▪▪▪▪▪▪▪▪▪▪▪▪▪▪▪▪
▪▪▪▪▪▪▪▪▪▪▪▪▪▪▪▪▪▪▪▪▪▪▪▪▪▪▪▪▪▪▪▪▪▪▪▪▪
▪▪▪▪▪▪▪▪▪▪▪▪▪▪▪▪▪▪▪▪▪▪▪▪▪
　　▪▪▪▪▪▪▪▪▪▪▪▪▪▪▪▪▪▪▪▪▪▪▪▪▪▪▪▪▪▪▪▪▪▪▪
▪▪▪▪▪▪▪▪▪▪▪▪▪▪▪▪▪▪▪▪▪▪▪▪▪▪▪▪▪▪▪▪▪▪▪▪▪

中国政府代表团出席亚洲开发银行年会
　　▪▪▪▪▪▪▪▪▪▪▪▪▪▪▪▪▪▪▪▪▪▪▪▪▪▪▪▪▪▪▪▪▪▪▪
▪▪▪▪▪▪▪▪▪▪▪▪▪▪▪▪▪▪▪▪▪▪▪▪▪▪▪▪▪▪▪▪▪▪▪▪▪
▪▪▪▪▪▪▪▪▪▪▪▪▪▪▪▪▪▪▪▪▪▪▪▪▪▪▪▪▪▪▪▪▪▪▪▪▪
▪▪▪▪▪▪▪▪▪▪▪▪▪▪▪▪▪▪▪▪▪▪▪▪▪▪▪▪▪▪▪▪▪▪▪▪▪
▪▪▪▪▪▪▪▪▪▪▪▪▪▪▪▪▪▪▪▪▪▪▪▪▪▪▪▪▪▪▪▪▪▪▪▪▪
▪▪▪▪▪▪▪▪▪▪▪▪▪▪▪▪▪▪▪▪▪▪▪▪▪▪▪▪▪▪▪▪▪▪▪▪▪
▪▪▪▪▪▪▪▪▪▪▪▪▪▪▪▪▪▪▪▪▪▪▪▪▪▪▪▪▪▪▪▪▪▪▪▪▪
▪▪▪▪▪▪▪▪▪▪▪▪▪▪▪▪▪▪▪▪▪▪▪▪▪▪▪▪▪▪▪▪▪▪▪▪▪
▪▪▪▪▪▪▪▪▪▪▪▪▪▪▪▪▪▪▪▪▪▪▪▪▪
　　▪▪▪▪▪▪▪▪▪▪▪▪▪▪▪▪▪▪▪▪▪▪▪▪▪▪▪▪▪▪▪▪▪▪▪
▪▪▪▪▪▪▪▪▪▪▪▪▪▪▪▪▪▪▪▪▪▪▪▪▪▪▪▪▪▪▪▪▪▪▪▪▪
▪▪▪▪▪▪▪▪▪▪▪▪▪▪▪▪▪▪▪▪▪▪▪▪▪▪▪▪▪▪▪▪▪▪▪▪▪
▪▪▪▪▪▪▪▪▪▪▪▪▪▪▪▪▪▪▪▪▪▪▪▪▪▪▪▪▪▪▪▪▪▪▪▪▪
▪▪▪▪▪▪▪▪▪▪▪▪▪▪▪▪▪▪▪▪▪▪▪▪▪▪▪▪▪▪▪▪▪▪▪▪▪
▪▪▪▪▪▪▪▪▪▪▪▪▪▪▪▪▪▪▪▪▪▪▪▪▪▪▪▪▪▪▪▪▪▪▪▪▪
▪▪▪▪▪▪▪▪▪▪▪▪▪▪▪▪▪▪▪▪▪▪▪▪▪▪▪▪▪▪▪▪▪▪▪▪▪
▪▪▪▪▪▪▪▪▪▪▪▪▪▪▪▪▪▪▪▪▪▪▪▪▪▪▪▪▪▪▪▪▪▪▪▪▪

中企承建老挝水电站项目举行开工仪式
　　▪▪▪▪▪▪▪▪▪▪▪▪▪▪▪▪▪▪▪▪▪▪▪▪▪▪▪▪▪▪▪▪▪▪▪
▪▪▪▪▪▪▪▪▪▪▪▪▪▪▪▪▪▪▪▪▪▪▪▪▪▪▪▪▪▪▪▪▪▪▪▪▪
▪▪▪▪▪▪▪▪▪▪▪▪▪▪▪▪▪▪▪▪▪▪▪▪▪▪▪▪▪▪▪▪▪▪▪▪▪
▪▪▪▪▪▪▪▪▪▪▪▪▪▪▪▪▪▪▪▪▪▪▪▪▪▪▪▪▪▪▪▪▪▪▪▪▪
▪▪▪▪▪▪▪▪▪▪▪▪▪▪▪▪▪▪▪▪▪▪▪▪▪▪▪▪▪▪▪▪▪▪▪▪▪
▪▪▪▪▪▪▪▪▪▪▪▪▪▪▪▪▪▪▪▪▪▪▪▪▪▪▪▪▪▪▪▪▪▪▪▪▪
▪▪▪▪▪▪▪▪▪▪▪▪▪▪▪▪▪▪▪▪▪▪▪▪▪▪▪▪▪▪▪▪▪▪▪▪▪
▪▪▪▪▪▪▪▪▪▪▪▪▪▪▪▪▪▪▪▪▪▪▪▪▪▪▪▪▪▪▪▪▪▪▪▪▪
▪▪▪▪▪▪▪▪▪▪▪▪▪▪▪▪▪▪▪▪▪▪▪▪▪
　　▪▪▪▪▪▪▪▪▪▪▪▪▪▪▪▪▪▪▪▪▪▪▪▪▪▪▪▪▪▪▪▪▪▪▪
▪▪▪▪▪▪▪▪▪▪▪▪▪▪▪▪▪▪▪▪▪▪▪▪▪▪▪▪▪▪▪▪▪▪▪▪▪
▪▪▪▪▪▪▪▪▪▪▪▪▪▪▪▪▪▪▪▪▪▪▪▪▪▪▪▪▪▪▪▪▪▪▪▪▪
▪▪▪▪▪▪▪▪▪▪▪▪▪▪▪▪▪▪▪▪▪▪▪▪▪▪▪▪▪▪▪▪▪▪▪▪▪

外交部——
欢迎更多外国朋友到中国来
　　▪▪▪▪▪▪▪▪▪▪▪▪▪▪▪▪▪▪▪▪▪▪▪▪▪▪▪
▪▪▪▪▪▪▪▪▪▪▪▪▪▪▪▪▪▪▪▪▪▪▪▪▪▪▪▪▪
▪▪▪▪▪▪▪▪▪▪▪▪▪▪▪▪▪▪▪▪▪▪▪▪▪▪▪▪▪
▪▪▪▪▪▪▪▪▪▪▪▪▪▪▪▪▪▪▪▪▪▪▪▪▪▪▪▪▪
▪▪▪▪▪▪▪▪▪▪▪▪▪▪▪▪▪▪▪▪▪▪▪▪▪▪▪▪▪
▪▪▪▪▪▪▪▪▪▪▪▪▪▪▪▪▪▪▪▪▪▪▪▪▪▪▪▪▪
▪▪▪▪▪▪▪▪▪▪▪▪▪▪▪▪▪▪▪▪▪▪▪▪▪▪▪▪▪
▪▪▪▪▪▪▪▪▪▪▪▪▪▪▪▪▪▪▪▪▪▪▪▪▪▪▪▪▪
▪▪▪▪▪▪▪▪▪▪▪▪▪▪▪▪▪
　　▪▪▪▪▪▪▪▪▪▪▪▪▪▪▪▪▪▪▪▪▪▪▪▪▪▪▪
▪▪▪▪▪▪▪▪▪▪▪▪▪▪▪▪▪▪▪▪▪▪▪▪▪▪▪▪▪
▪▪▪▪▪▪▪▪▪▪▪▪▪▪▪▪▪▪▪▪▪▪▪▪▪▪▪▪▪
▪▪▪▪▪▪▪▪▪▪▪▪▪▪▪▪▪▪▪▪▪▪▪▪▪▪▪▪▪
▪▪▪▪▪▪▪▪▪▪▪▪▪▪▪▪▪▪▪▪▪▪▪▪▪▪▪▪▪
▪▪▪▪▪▪▪▪▪▪▪▪▪▪▪▪▪▪▪▪▪▪▪▪▪▪▪▪▪
▪▪▪▪▪▪▪▪▪▪▪▪▪▪▪▪▪▪▪▪▪▪▪▪▪▪▪▪▪
▪▪▪▪▪▪▪▪▪▪▪▪▪▪▪▪▪▪▪▪▪▪▪▪▪▪▪▪▪
▪▪▪▪▪▪▪▪▪▪▪▪▪▪▪▪▪
　　▪▪▪▪▪▪▪▪▪▪▪▪▪▪▪▪▪▪▪▪▪▪▪▪▪▪▪
▪▪▪▪▪▪▪▪▪▪▪▪▪▪▪▪▪▪▪▪▪▪▪▪▪▪▪▪▪
▪▪▪▪▪▪▪▪▪▪▪▪▪▪▪▪▪▪▪▪▪▪▪▪▪▪▪▪▪
▪▪▪▪▪▪▪▪▪▪▪▪▪▪▪▪▪▪▪▪▪▪▪▪▪▪▪▪▪
▪▪▪▪▪▪▪▪▪▪▪▪▪▪▪▪▪▪▪▪▪▪▪▪▪▪▪▪▪
▪▪▪▪▪▪▪▪▪▪▪▪▪▪▪▪▪▪▪▪▪▪▪▪▪▪▪▪▪
▪▪▪▪▪▪▪▪▪▪▪▪▪▪▪▪▪▪▪▪▪▪▪▪▪▪▪▪▪
▪▪▪▪▪▪▪▪▪▪▪▪▪▪▪▪▪▪▪▪▪▪▪▪▪▪▪▪▪
▪▪▪▪▪▪▪▪▪▪▪▪▪▪▪▪▪
　　▪▪▪▪▪▪▪▪▪▪▪▪▪▪▪▪▪▪▪▪▪▪▪▪▪▪▪
▪▪▪▪▪▪▪▪▪▪▪▪▪▪▪▪▪▪▪▪▪▪▪▪▪▪▪▪▪
▪▪▪▪▪▪▪▪▪▪▪▪▪▪▪▪▪▪▪▪▪▪▪▪▪▪▪▪▪
▪▪▪▪▪▪▪▪▪▪▪▪▪▪▪▪▪▪▪▪▪▪▪▪▪▪▪▪▪
▪▪▪▪▪▪▪▪▪▪▪▪▪▪▪▪▪▪▪▪▪▪▪▪▪▪▪▪▪
▪▪▪▪▪▪▪▪▪▪▪▪▪▪▪▪▪▪▪▪▪▪▪▪▪▪▪▪▪
▪▪▪▪▪▪▪▪▪▪▪▪▪▪▪▪▪▪▪▪▪▪▪▪▪▪▪▪▪
▪▪▪▪▪▪▪▪▪▪▪▪▪▪▪▪▪▪▪▪▪▪▪▪▪▪▪▪▪

格鲁吉亚开启从埃塞俄比亚到20国入关
　　▪▪▪▪▪▪▪▪▪▪▪▪▪▪▪▪▪▪▪▪▪▪▪▪▪▪▪
▪▪▪▪▪▪▪▪▪▪▪▪▪▪▪▪▪▪▪▪▪▪▪▪▪▪▪▪▪
▪▪▪▪▪▪▪▪▪▪▪▪▪▪▪▪▪▪▪▪▪▪▪▪▪▪▪▪▪
▪▪▪▪▪▪▪▪▪▪▪▪▪▪▪▪▪▪▪▪▪▪▪▪▪▪▪▪▪
▪▪▪▪▪▪▪▪▪▪▪▪▪▪▪▪▪▪▪▪▪▪▪▪▪▪▪▪▪
▪▪▪▪▪▪▪▪▪▪▪▪▪▪▪▪▪▪▪▪▪▪▪▪▪▪▪▪▪
▪▪▪▪▪▪▪▪▪▪▪▪▪▪▪▪▪▪▪▪▪▪▪▪▪▪▪▪▪
▪▪▪▪▪▪▪▪▪▪▪▪▪▪▪▪▪▪▪▪▪▪▪▪▪▪▪▪▪
▪▪▪▪▪▪▪▪▪▪▪▪▪▪▪▪▪
　　▪▪▪▪▪▪▪▪▪▪▪▪▪▪▪▪▪▪▪▪▪▪▪▪▪▪▪
▪▪▪▪▪▪▪▪▪▪▪▪▪▪▪▪▪▪▪▪▪▪▪▪▪▪▪▪▪
▪▪▪▪▪▪▪▪▪▪▪▪▪▪▪▪▪▪▪▪▪▪▪▪▪▪▪▪▪
▪▪▪▪▪▪▪▪▪▪▪▪▪▪▪▪▪▪▪▪▪▪▪▪▪▪▪▪▪
▪▪▪▪▪▪▪▪▪▪▪▪▪▪▪▪▪▪▪▪▪▪▪▪▪▪▪▪▪
▪▪▪▪▪▪▪▪▪▪▪▪▪▪▪▪▪▪▪▪▪▪▪▪▪▪▪▪▪
▪▪▪▪▪▪▪▪▪▪▪▪▪▪▪▪▪▪▪▪▪▪▪▪▪▪▪▪▪
▪▪▪▪▪▪▪▪▪▪▪▪▪▪▪▪▪▪▪▪▪▪▪▪▪▪▪▪▪

“共同推动更多创新项目落地”
本报记者 郑州讯
　　▪▪▪▪▪▪▪▪▪▪▪▪▪▪▪▪▪▪▪▪▪▪▪▪▪▪▪▪▪▪▪▪▪▪▪▪▪
▪▪▪▪▪▪▪▪▪▪▪▪▪▪▪▪▪▪▪▪▪▪▪▪▪▪▪▪▪▪▪▪▪▪▪▪▪▪▪
▪▪▪▪▪▪▪▪▪▪▪▪▪▪▪▪▪▪▪▪▪▪▪▪▪▪▪▪▪▪▪▪▪▪▪▪▪▪▪
▪▪▪▪▪▪▪▪▪▪▪▪▪▪▪▪▪▪▪▪▪▪▪▪▪▪▪▪▪▪▪▪▪▪▪▪▪▪▪
▪▪▪▪▪▪▪▪▪▪▪▪▪▪▪▪▪▪▪▪▪▪▪▪▪▪▪▪▪▪▪▪▪▪▪▪▪▪▪
▪▪▪▪▪▪▪▪▪▪▪▪▪▪▪▪▪▪▪▪▪▪▪▪▪▪▪▪▪▪▪▪▪▪▪▪▪▪▪
▪▪▪▪▪▪▪▪▪▪▪▪▪▪▪▪▪▪▪▪▪▪▪▪▪▪▪▪▪▪▪▪▪▪▪▪▪▪▪
▪▪▪▪▪▪▪▪▪▪▪▪▪▪▪▪▪▪▪▪▪▪▪▪▪▪▪▪▪▪▪▪▪▪▪▪▪▪▪
▪▪▪▪▪▪▪▪▪▪▪▪▪▪▪▪▪▪▪▪▪▪▪▪▪▪▪
　　▪▪▪▪▪▪▪▪▪▪▪▪▪▪▪▪▪▪▪▪▪▪▪▪▪▪▪▪▪▪▪▪▪▪▪▪▪
▪▪▪▪▪▪▪▪▪▪▪▪▪▪▪▪▪▪▪▪▪▪▪▪▪▪▪▪▪▪▪▪▪▪▪▪▪▪▪
▪▪▪▪▪▪▪▪▪▪▪▪▪▪▪▪▪▪▪▪▪▪▪▪▪▪▪▪▪▪▪▪▪▪▪▪▪▪▪
▪▪▪▪▪▪▪▪▪▪▪▪▪▪▪▪▪▪▪▪▪▪▪▪▪▪▪▪▪▪▪▪▪▪▪▪▪▪▪
▪▪▪▪▪▪▪▪▪▪▪▪▪▪▪▪▪▪▪▪▪▪▪▪▪▪▪▪▪▪▪▪▪▪▪▪▪▪▪
▪▪▪▪▪▪▪▪▪▪▪▪▪▪▪▪▪▪▪▪▪▪▪▪▪▪▪▪▪▪▪▪▪▪▪▪▪▪▪
▪▪▪▪▪▪▪▪▪▪▪▪▪▪▪▪▪▪▪▪▪▪▪▪▪▪▪▪▪▪▪▪▪▪▪▪▪▪▪
▪▪▪▪▪▪▪▪▪▪▪▪▪▪▪▪▪▪▪▪▪▪▪▪▪▪▪▪▪▪▪▪▪▪▪▪▪▪▪
▪▪▪▪▪▪▪▪▪▪▪▪▪▪▪▪▪▪▪▪▪▪▪▪▪▪▪
　　▪▪▪▪▪▪▪▪▪▪▪▪▪▪▪▪▪▪▪▪▪▪▪▪▪▪▪▪▪▪▪▪▪▪▪▪▪
▪▪▪▪▪▪▪▪▪▪▪▪▪▪▪▪▪▪▪▪▪▪▪▪▪▪▪▪▪▪▪▪▪▪▪▪▪▪▪
▪▪▪▪▪▪▪▪▪▪▪▪▪▪▪▪▪▪▪▪▪▪▪▪▪▪▪▪▪▪▪▪▪▪▪▪▪▪▪
▪▪▪▪▪▪▪▪▪▪▪▪▪▪▪▪▪▪▪▪▪▪▪▪▪▪▪▪▪▪▪▪▪▪▪▪▪▪▪
▪▪▪▪▪▪▪▪▪▪▪▪▪▪▪▪▪▪▪▪▪▪▪▪▪▪▪▪▪▪▪▪▪▪▪▪▪▪▪
▪▪▪▪▪▪▪▪▪▪▪▪▪▪▪▪▪▪▪▪▪▪▪▪▪▪▪▪▪▪▪▪▪▪▪▪▪▪▪
▪▪▪▪▪▪▪▪▪▪▪▪▪▪▪▪▪▪▪▪▪▪▪▪▪▪▪▪▪▪▪▪▪▪▪▪▪▪▪

　　▪▪▪▪▪▪▪▪▪▪▪▪▪▪▪▪▪▪▪▪▪▪▪▪▪▪▪▪▪▪▪▪▪▪▪▪
▪▪▪▪▪▪▪▪▪▪▪▪▪▪▪▪▪▪▪▪▪▪▪▪▪▪▪▪▪▪▪▪▪▪▪▪▪▪
▪▪▪▪▪▪▪▪▪▪▪▪▪▪▪▪▪▪▪▪▪▪▪▪▪▪▪▪▪▪▪▪▪▪▪▪▪▪
▪▪▪▪▪▪▪▪▪▪▪▪▪▪▪▪▪▪▪▪▪▪▪▪▪▪▪▪▪▪▪▪▪▪▪▪▪▪
▪▪▪▪▪▪▪▪▪▪▪▪▪▪▪▪▪▪▪▪▪▪▪▪▪▪▪▪▪▪▪▪▪▪▪▪▪▪
▪▪▪▪▪▪▪▪▪▪▪▪▪▪▪▪▪▪▪▪▪▪▪▪▪▪▪▪▪▪▪▪▪▪▪▪▪▪
▪▪▪▪▪▪▪▪▪▪▪▪▪▪▪▪▪▪▪▪▪▪▪▪▪▪▪▪▪▪▪▪▪▪▪▪▪▪
▪▪▪▪▪▪▪▪▪▪▪▪▪▪▪▪▪▪▪▪▪▪▪▪▪▪▪▪▪▪▪▪▪▪▪▪▪▪
▪▪▪▪▪▪▪▪▪▪▪▪▪▪▪▪▪▪▪▪▪▪▪▪▪▪
　　▪▪▪▪▪▪▪▪▪▪▪▪▪▪▪▪▪▪▪▪▪▪▪▪▪▪▪▪▪▪▪▪▪▪▪▪
▪▪▪▪▪▪▪▪▪▪▪▪▪▪▪▪▪▪▪▪▪▪▪▪▪▪▪▪▪▪▪▪▪▪▪▪▪▪
▪▪▪▪▪▪▪▪▪▪▪▪▪▪▪▪▪▪▪▪▪▪▪▪▪▪▪▪▪▪▪▪▪▪▪▪▪▪
▪▪▪▪▪▪▪▪▪▪▪▪▪▪▪▪▪▪▪▪▪▪▪▪▪▪▪▪▪▪▪▪▪▪▪▪▪▪
▪▪▪▪▪▪▪▪▪▪▪▪▪▪▪▪▪▪▪▪▪▪▪▪▪▪▪▪▪▪▪▪▪▪▪▪▪▪
▪▪▪▪▪▪▪▪▪▪▪▪▪▪▪▪▪▪▪▪▪▪▪▪▪▪▪▪▪▪▪▪▪▪▪▪▪▪
▪▪▪▪▪▪▪▪▪▪▪▪▪▪▪▪▪▪▪▪▪▪▪▪▪▪▪▪▪▪▪▪▪▪▪▪▪▪
▪▪▪▪▪▪▪▪▪▪▪▪▪▪▪▪▪▪▪▪▪▪▪▪▪▪▪▪▪▪▪▪▪▪▪▪▪▪
▪▪▪▪▪▪▪▪▪▪▪▪▪▪▪▪▪▪▪▪▪▪▪▪▪▪
　　▪▪▪▪▪▪▪▪▪▪▪▪▪▪▪▪▪▪▪▪▪▪▪▪▪▪▪▪▪▪▪▪▪▪▪▪
▪▪▪▪▪▪▪▪▪▪▪▪▪▪▪▪▪▪▪▪▪▪▪▪▪▪▪▪▪▪▪▪▪▪▪▪▪▪
▪▪▪▪▪▪▪▪▪▪▪▪▪▪▪▪▪▪▪▪▪▪▪▪▪▪▪▪▪▪▪▪▪▪▪▪▪▪
▪▪▪▪▪▪▪▪▪▪▪▪▪▪▪▪▪▪▪▪▪▪▪▪▪▪▪▪▪▪▪▪▪▪▪▪▪▪
▪▪▪▪▪▪▪▪▪▪▪▪▪▪▪▪▪▪▪▪▪▪▪▪▪▪▪▪▪▪▪▪▪▪▪▪▪▪
▪▪▪▪▪▪▪▪▪▪▪▪▪▪▪▪▪▪▪▪▪▪▪▪▪▪▪▪▪▪▪▪▪▪▪▪▪▪
